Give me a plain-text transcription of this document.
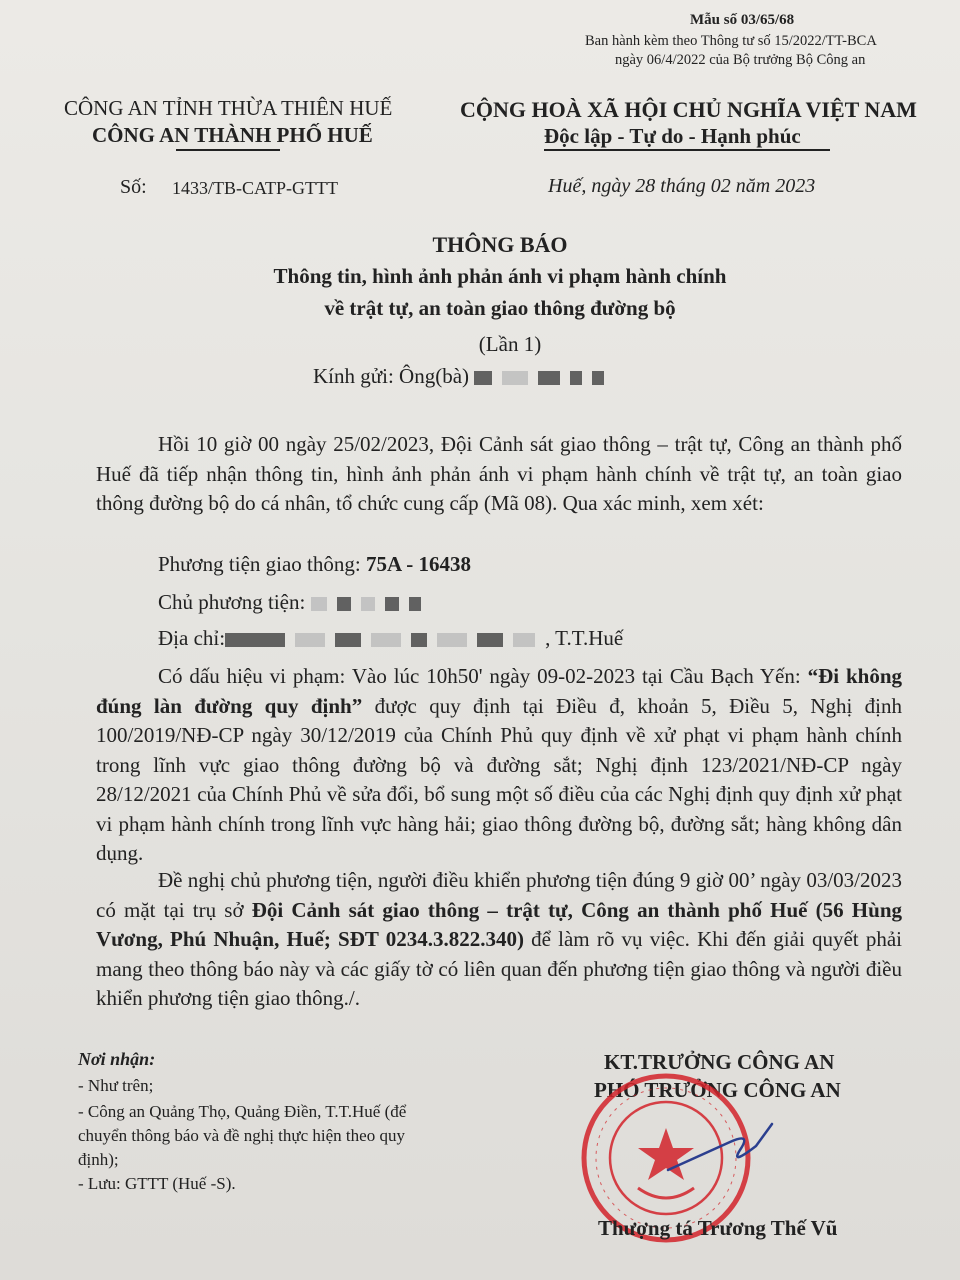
Mẫu số 03/65/68
Ban hành kèm theo Thông tư số 15/2022/TT-BCA
ngày 06/4/2022 của Bộ trưởng Bộ Công an
CÔNG AN TỈNH THỪA THIÊN HUẾ
CÔNG AN THÀNH PHỐ HUẾ
CỘNG HOÀ XÃ HỘI CHỦ NGHĨA VIỆT NAM
Độc lập - Tự do - Hạnh phúc
Số: 1433/TB-CATP-GTTT	Huế, ngày 28 tháng 02 năm 2023
THÔNG BÁO
Thông tin, hình ảnh phản ánh vi phạm hành chính
về trật tự, an toàn giao thông đường bộ
(Lần 1)
Kính gửi: Ông(bà)
Hồi 10 giờ 00 ngày 25/02/2023, Đội Cảnh sát giao thông – trật tự, Công an thành phố Huế đã tiếp nhận thông tin, hình ảnh phản ánh vi phạm hành chính về trật tự, an toàn giao thông đường bộ do cá nhân, tổ chức cung cấp (Mã 08). Qua xác minh, xem xét:
Phương tiện giao thông: 75A - 16438
Chủ phương tiện:
Địa chỉ:	, T.T.Huế
Có dấu hiệu vi phạm: Vào lúc 10h50' ngày 09-02-2023 tại Cầu Bạch Yến: “Đi không đúng làn đường quy định” được quy định tại Điều đ, khoản 5, Điều 5, Nghị định 100/2019/NĐ-CP ngày 30/12/2019 của Chính Phủ quy định về xử phạt vi phạm hành chính trong lĩnh vực giao thông đường bộ và đường sắt; Nghị định 123/2021/NĐ-CP ngày 28/12/2021 của Chính Phủ về sửa đổi, bổ sung một số điều của các Nghị định quy định xử phạt vi phạm hành chính trong lĩnh vực hàng hải; giao thông đường bộ, đường sắt; hàng không dân dụng.
Đề nghị chủ phương tiện, người điều khiển phương tiện đúng 9 giờ 00’ ngày 03/03/2023 có mặt tại trụ sở Đội Cảnh sát giao thông – trật tự, Công an thành phố Huế (56 Hùng Vương, Phú Nhuận, Huế; SĐT 0234.3.822.340) để làm rõ vụ việc. Khi đến giải quyết phải mang theo thông báo này và các giấy tờ có liên quan đến phương tiện giao thông và người điều khiển phương tiện giao thông./.
Nơi nhận:
- Như trên;
- Công an Quảng Thọ, Quảng Điền, T.T.Huế (để
chuyển thông báo và đề nghị thực hiện theo quy
định);
- Lưu: GTTT (Huế -S).
KT.TRƯỞNG CÔNG AN
PHÓ TRƯỞNG CÔNG AN
Thượng tá Trương Thế Vũ
